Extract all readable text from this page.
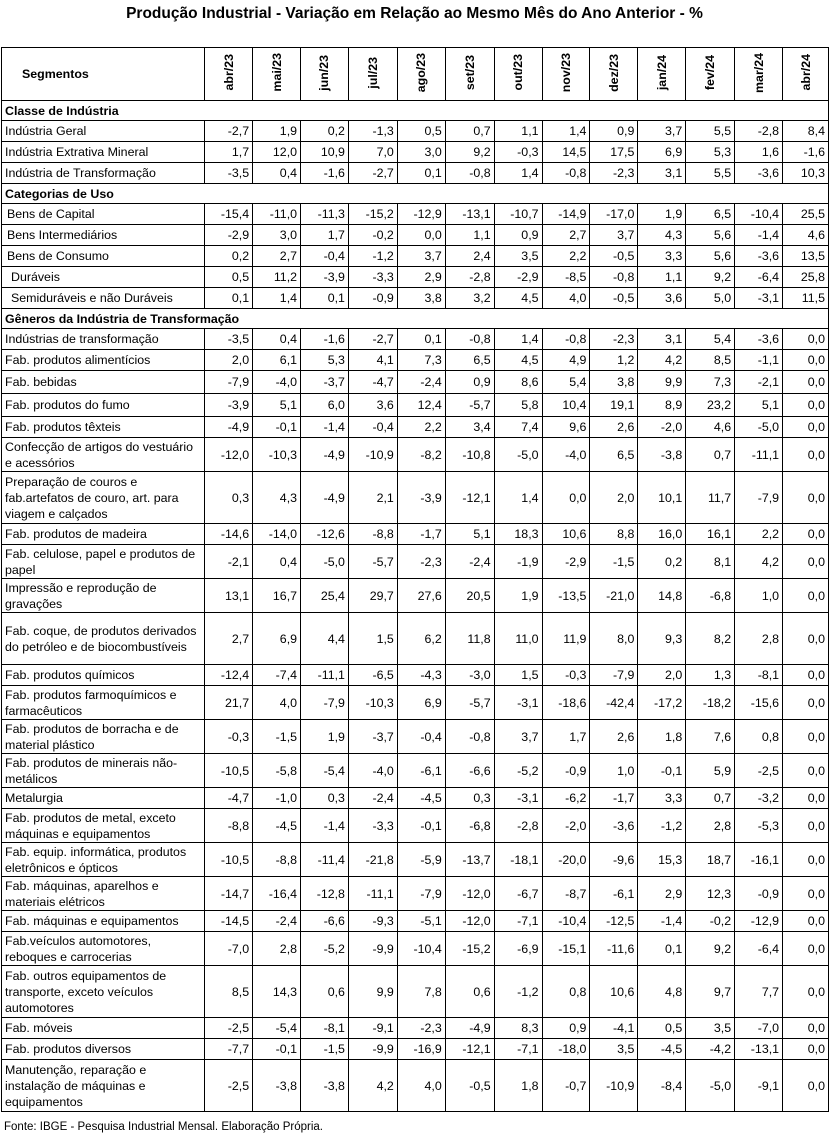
Produção Industrial - Variação em Relação ao Mesmo Mês do Ano Anterior - %
Segmentos	abr/23	mai/23	jun/23	jul/23	ago/23	set/23	out/23	nov/23	dez/23	jan/24	fev/24	mar/24	abr/24
Classe de Indústria													
Indústria Geral	-2,7	1,9	0,2	-1,3	0,5	0,7	1,1	1,4	0,9	3,7	5,5	-2,8	8,4
Indústria Extrativa Mineral	1,7	12,0	10,9	7,0	3,0	9,2	-0,3	14,5	17,5	6,9	5,3	1,6	-1,6
Indústria de Transformação	-3,5	0,4	-1,6	-2,7	0,1	-0,8	1,4	-0,8	-2,3	3,1	5,5	-3,6	10,3
Categorias de Uso													
Bens de Capital	-15,4	-11,0	-11,3	-15,2	-12,9	-13,1	-10,7	-14,9	-17,0	1,9	6,5	-10,4	25,5
Bens Intermediários	-2,9	3,0	1,7	-0,2	0,0	1,1	0,9	2,7	3,7	4,3	5,6	-1,4	4,6
Bens de Consumo	0,2	2,7	-0,4	-1,2	3,7	2,4	3,5	2,2	-0,5	3,3	5,6	-3,6	13,5
Duráveis	0,5	11,2	-3,9	-3,3	2,9	-2,8	-2,9	-8,5	-0,8	1,1	9,2	-6,4	25,8
Semiduráveis e não Duráveis	0,1	1,4	0,1	-0,9	3,8	3,2	4,5	4,0	-0,5	3,6	5,0	-3,1	11,5
Gêneros da Indústria de Transformação													
Indústrias de transformação	-3,5	0,4	-1,6	-2,7	0,1	-0,8	1,4	-0,8	-2,3	3,1	5,4	-3,6	0,0
Fab. produtos alimentícios	2,0	6,1	5,3	4,1	7,3	6,5	4,5	4,9	1,2	4,2	8,5	-1,1	0,0
Fab. bebidas	-7,9	-4,0	-3,7	-4,7	-2,4	0,9	8,6	5,4	3,8	9,9	7,3	-2,1	0,0
Fab. produtos do fumo	-3,9	5,1	6,0	3,6	12,4	-5,7	5,8	10,4	19,1	8,9	23,2	5,1	0,0
Fab. produtos têxteis	-4,9	-0,1	-1,4	-0,4	2,2	3,4	7,4	9,6	2,6	-2,0	4,6	-5,0	0,0
Confecção de artigos do vestuário e acessórios	-12,0	-10,3	-4,9	-10,9	-8,2	-10,8	-5,0	-4,0	6,5	-3,8	0,7	-11,1	0,0
Preparação de couros e fab.artefatos de couro, art. para viagem e calçados	0,3	4,3	-4,9	2,1	-3,9	-12,1	1,4	0,0	2,0	10,1	11,7	-7,9	0,0
Fab. produtos de madeira	-14,6	-14,0	-12,6	-8,8	-1,7	5,1	18,3	10,6	8,8	16,0	16,1	2,2	0,0
Fab. celulose, papel e produtos de papel	-2,1	0,4	-5,0	-5,7	-2,3	-2,4	-1,9	-2,9	-1,5	0,2	8,1	4,2	0,0
Impressão e reprodução de gravações	13,1	16,7	25,4	29,7	27,6	20,5	1,9	-13,5	-21,0	14,8	-6,8	1,0	0,0
Fab. coque, de produtos derivados do petróleo e de biocombustíveis	2,7	6,9	4,4	1,5	6,2	11,8	11,0	11,9	8,0	9,3	8,2	2,8	0,0
Fab. produtos químicos	-12,4	-7,4	-11,1	-6,5	-4,3	-3,0	1,5	-0,3	-7,9	2,0	1,3	-8,1	0,0
Fab. produtos farmoquímicos e farmacêuticos	21,7	4,0	-7,9	-10,3	6,9	-5,7	-3,1	-18,6	-42,4	-17,2	-18,2	-15,6	0,0
Fab. produtos de borracha e de material plástico	-0,3	-1,5	1,9	-3,7	-0,4	-0,8	3,7	1,7	2,6	1,8	7,6	0,8	0,0
Fab. produtos de minerais não-metálicos	-10,5	-5,8	-5,4	-4,0	-6,1	-6,6	-5,2	-0,9	1,0	-0,1	5,9	-2,5	0,0
Metalurgia	-4,7	-1,0	0,3	-2,4	-4,5	0,3	-3,1	-6,2	-1,7	3,3	0,7	-3,2	0,0
Fab. produtos de metal, exceto máquinas e equipamentos	-8,8	-4,5	-1,4	-3,3	-0,1	-6,8	-2,8	-2,0	-3,6	-1,2	2,8	-5,3	0,0
Fab. equip. informática, produtos eletrônicos e ópticos	-10,5	-8,8	-11,4	-21,8	-5,9	-13,7	-18,1	-20,0	-9,6	15,3	18,7	-16,1	0,0
Fab. máquinas, aparelhos e materiais elétricos	-14,7	-16,4	-12,8	-11,1	-7,9	-12,0	-6,7	-8,7	-6,1	2,9	12,3	-0,9	0,0
Fab. máquinas e equipamentos	-14,5	-2,4	-6,6	-9,3	-5,1	-12,0	-7,1	-10,4	-12,5	-1,4	-0,2	-12,9	0,0
Fab.veículos automotores, reboques e carrocerias	-7,0	2,8	-5,2	-9,9	-10,4	-15,2	-6,9	-15,1	-11,6	0,1	9,2	-6,4	0,0
Fab. outros equipamentos de transporte, exceto veículos automotores	8,5	14,3	0,6	9,9	7,8	0,6	-1,2	0,8	10,6	4,8	9,7	7,7	0,0
Fab. móveis	-2,5	-5,4	-8,1	-9,1	-2,3	-4,9	8,3	0,9	-4,1	0,5	3,5	-7,0	0,0
Fab. produtos diversos	-7,7	-0,1	-1,5	-9,9	-16,9	-12,1	-7,1	-18,0	3,5	-4,5	-4,2	-13,1	0,0
Manutenção, reparação e instalação de máquinas e equipamentos	-2,5	-3,8	-3,8	4,2	4,0	-0,5	1,8	-0,7	-10,9	-8,4	-5,0	-9,1	0,0
Fonte: IBGE - Pesquisa Industrial Mensal. Elaboração Própria.
